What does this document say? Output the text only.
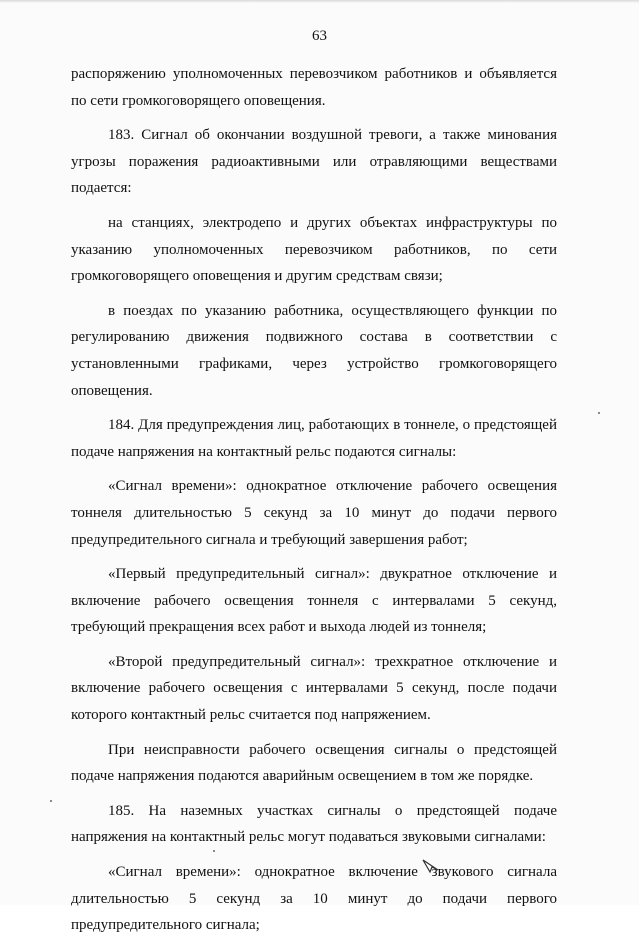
63

распоряжению уполномоченных перевозчиком работников и объявляется по сети громкоговорящего оповещения.

183. Сигнал об окончании воздушной тревоги, а также минования угрозы поражения радиоактивными или отравляющими веществами подается:

на станциях, электродепо и других объектах инфраструктуры по указанию уполномоченных перевозчиком работников, по сети громкоговорящего оповещения и другим средствам связи;

в поездах по указанию работника, осуществляющего функции по регулированию движения подвижного состава в соответствии с установленными графиками, через устройство громкоговорящего оповещения.

184. Для предупреждения лиц, работающих в тоннеле, о предстоящей подаче напряжения на контактный рельс подаются сигналы:

«Сигнал времени»: однократное отключение рабочего освещения тоннеля длительностью 5 секунд за 10 минут до подачи первого предупредительного сигнала и требующий завершения работ;

«Первый предупредительный сигнал»: двукратное отключение и включение рабочего освещения тоннеля с интервалами 5 секунд, требующий прекращения всех работ и выхода людей из тоннеля;

«Второй предупредительный сигнал»: трехкратное отключение и включение рабочего освещения с интервалами 5 секунд, после подачи которого контактный рельс считается под напряжением.

При неисправности рабочего освещения сигналы о предстоящей подаче напряжения подаются аварийным освещением в том же порядке.

185. На наземных участках сигналы о предстоящей подаче напряжения на контактный рельс могут подаваться звуковыми сигналами:

«Сигнал времени»: однократное включение звукового сигнала длительностью 5 секунд за 10 минут до подачи первого предупредительного сигнала;
